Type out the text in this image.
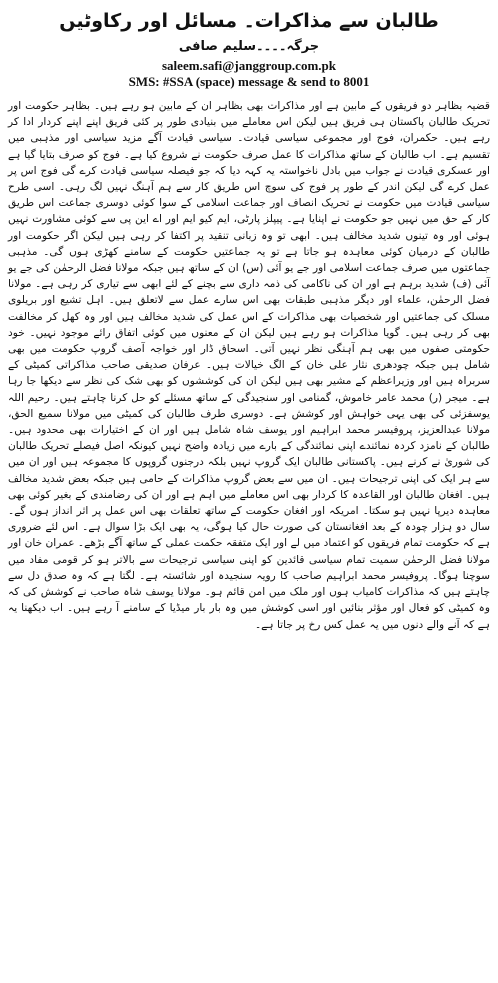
طالبان سے مذاکرات۔ مسائل اور رکاوٹیں
جرگہ۔۔۔۔سلیم صافی
saleem.safi@janggroup.com.pk
SMS: #SSA (space) message & send to 8001

قضیہ بظاہر دو فریقوں کے مابین ہے اور مذاکرات بھی بظاہر ان کے مابین ہو رہے ہیں۔ بظاہر حکومت اور تحریک طالبان پاکستان ہی فریق ہیں لیکن اس معاملے میں بنیادی طور پر کئی فریق اپنے اپنے کردار ادا کر رہے ہیں۔ حکمران، فوج اور مجموعی سیاسی قیادت۔ سیاسی قیادت آگے مزید سیاسی اور مذہبی میں تقسیم ہے۔ اب طالبان کے ساتھ مذاکرات کا عمل صرف حکومت نے شروع کیا ہے۔ فوج کو صرف بتایا گیا ہے اور عسکری قیادت نے جواب میں بادل ناخواستہ یہ کہہ دیا کہ جو فیصلہ سیاسی قیادت کرے گی فوج اس پر عمل کرے گی لیکن اندر کے طور پر فوج کی سوچ اس طریق کار سے ہم آہنگ نہیں لگ رہی۔ اسی طرح سیاسی قیادت میں حکومت نے تحریک انصاف اور جماعت اسلامی کے سوا کوئی دوسری جماعت اس طریق کار کے حق میں نہیں جو حکومت نے اپنایا ہے۔ پیپلز پارٹی، ایم کیو ایم اور اے این پی سے کوئی مشاورت نہیں ہوئی اور وہ تینوں شدید مخالف ہیں۔ ابھی تو وہ زبانی تنقید پر اکتفا کر رہی ہیں لیکن اگر حکومت اور طالبان کے درمیان کوئی معاہدہ ہو جاتا ہے تو یہ جماعتیں حکومت کے سامنے کھڑی ہوں گی۔ مذہبی جماعتوں میں صرف جماعت اسلامی اور جے یو آئی (س) ان کے ساتھ ہیں جبکہ مولانا فضل الرحمٰن کی جے یو آئی (ف) شدید برہم ہے اور ان کی ناکامی کی ذمہ داری سے بچنے کے لئے ابھی سے تیاری کر رہی ہے۔ مولانا فضل الرحمٰن، علماء اور دیگر مذہبی طبقات بھی اس سارے عمل سے لاتعلق ہیں۔ اہل تشیع اور بریلوی مسلک کی جماعتیں اور شخصیات بھی مذاکرات کے اس عمل کی شدید مخالف ہیں اور وہ کھل کر مخالفت بھی کر رہی ہیں۔ گویا مذاکرات ہو رہے ہیں لیکن ان کے معنوں میں کوئی اتفاق رائے موجود نہیں۔ خود حکومتی صفوں میں بھی ہم آہنگی نظر نہیں آتی۔ اسحاق ڈار اور خواجہ آصف گروپ حکومت میں بھی شامل ہیں جبکہ چودھری نثار علی خان کے الگ خیالات ہیں۔ عرفان صدیقی صاحب مذاکراتی کمیٹی کے سربراہ ہیں اور وزیراعظم کے مشیر بھی ہیں لیکن ان کی کوششوں کو بھی شک کی نظر سے دیکھا جا رہا ہے۔ میجر (ر) محمد عامر خاموش، گمنامی اور سنجیدگی کے ساتھ مسئلے کو حل کرنا چاہتے ہیں۔ رحیم اللہ یوسفزئی کی بھی یہی خواہش اور کوشش ہے۔ دوسری طرف طالبان کی کمیٹی میں مولانا سمیع الحق، مولانا عبدالعزیز، پروفیسر محمد ابراہیم اور یوسف شاہ شامل ہیں اور ان کے اختیارات بھی محدود ہیں۔ طالبان کے نامزد کردہ نمائندے اپنی نمائندگی کے بارے میں زیادہ واضح نہیں کیونکہ اصل فیصلے تحریک طالبان کی شوریٰ نے کرنے ہیں۔ پاکستانی طالبان ایک گروپ نہیں بلکہ درجنوں گروپوں کا مجموعہ ہیں اور ان میں سے ہر ایک کی اپنی ترجیحات ہیں۔ ان میں سے بعض گروپ مذاکرات کے حامی ہیں جبکہ بعض شدید مخالف ہیں۔ افغان طالبان اور القاعدہ کا کردار بھی اس معاملے میں اہم ہے اور ان کی رضامندی کے بغیر کوئی بھی معاہدہ دیرپا نہیں ہو سکتا۔ امریکہ اور افغان حکومت کے ساتھ تعلقات بھی اس عمل پر اثر انداز ہوں گے۔ سال دو ہزار چودہ کے بعد افغانستان کی صورت حال کیا ہوگی، یہ بھی ایک بڑا سوال ہے۔ اس لئے ضروری ہے کہ حکومت تمام فریقوں کو اعتماد میں لے اور ایک متفقہ حکمت عملی کے ساتھ آگے بڑھے۔ عمران خان اور مولانا فضل الرحمٰن سمیت تمام سیاسی قائدین کو اپنی سیاسی ترجیحات سے بالاتر ہو کر قومی مفاد میں سوچنا ہوگا۔ پروفیسر محمد ابراہیم صاحب کا رویہ سنجیدہ اور شائستہ ہے۔ لگتا ہے کہ وہ صدق دل سے چاہتے ہیں کہ مذاکرات کامیاب ہوں اور ملک میں امن قائم ہو۔ مولانا یوسف شاہ صاحب نے کوشش کی کہ وہ کمیٹی کو فعال اور مؤثر بنائیں اور اسی کوشش میں وہ بار بار میڈیا کے سامنے آ رہے ہیں۔ اب دیکھنا یہ ہے کہ آنے والے دنوں میں یہ عمل کس رخ پر جاتا ہے۔
